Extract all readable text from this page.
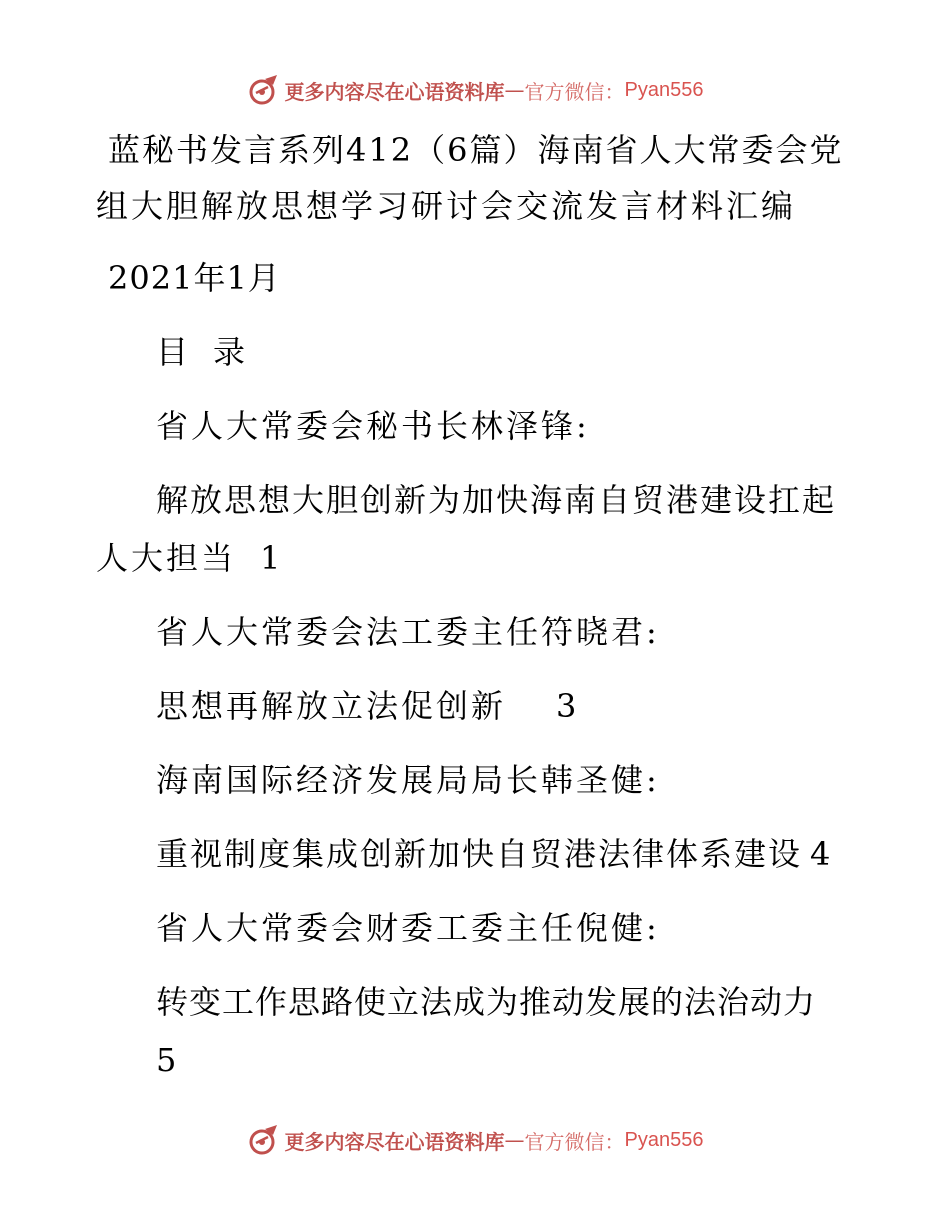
更多内容尽在心语资料库 — 官方微信： Pyan556
蓝秘书发言系列412（6篇）海南省人大常委会党
组大胆解放思想学习研讨会交流发言材料汇编
2021年1月
目 录
省人大常委会秘书长林泽锋:
解放思想大胆创新为加快海南自贸港建设扛起
人大担当 1
省人大常委会法工委主任符晓君:
思想再解放立法促创新 3
海南国际经济发展局局长韩圣健:
重视制度集成创新加快自贸港法律体系建设 4
省人大常委会财委工委主任倪健:
转变工作思路使立法成为推动发展的法治动力
5
更多内容尽在心语资料库 — 官方微信： Pyan556
